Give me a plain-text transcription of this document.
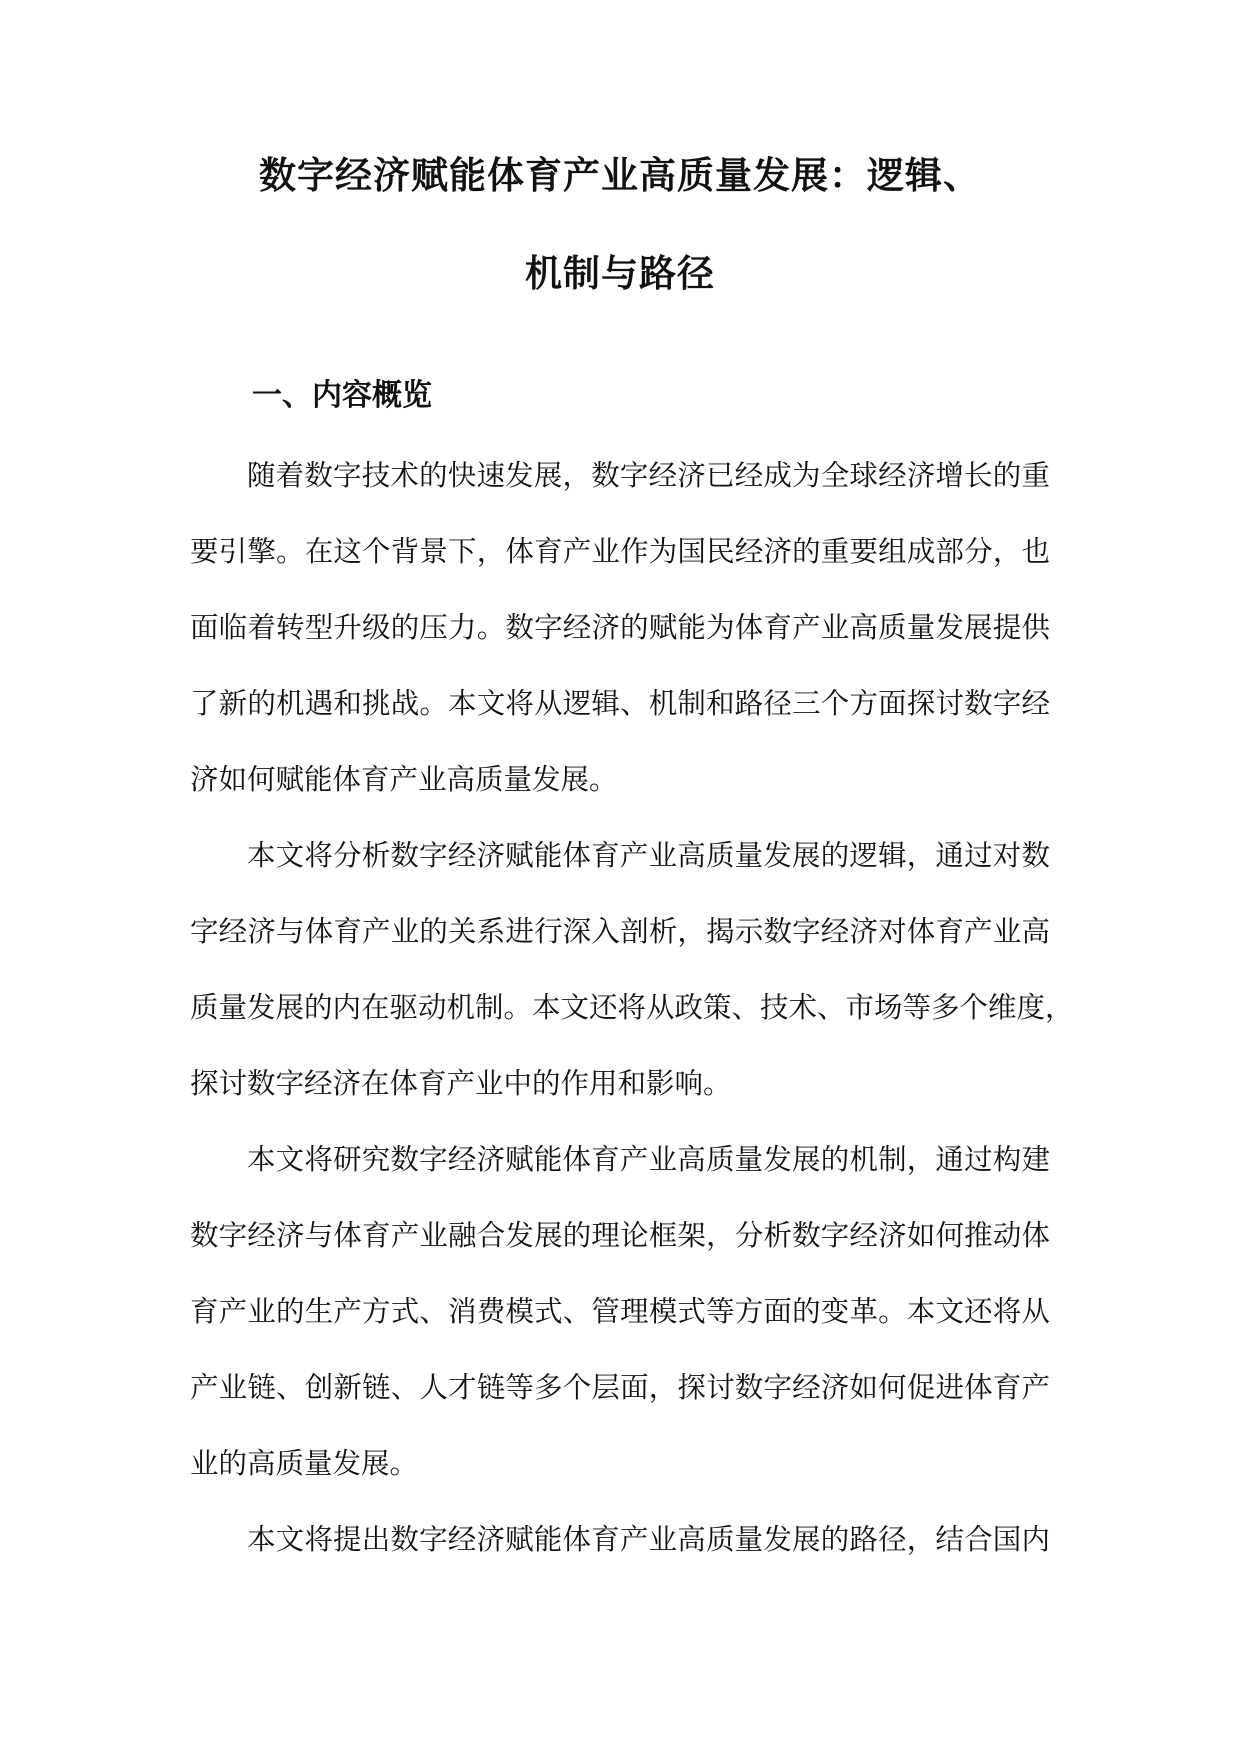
数字经济赋能体育产业高质量发展：逻辑、
机制与路径
一、内容概览
随着数字技术的快速发展，数字经济已经成为全球经济增长的重
要引擎。在这个背景下，体育产业作为国民经济的重要组成部分，也
面临着转型升级的压力。数字经济的赋能为体育产业高质量发展提供
了新的机遇和挑战。本文将从逻辑、机制和路径三个方面探讨数字经
济如何赋能体育产业高质量发展。
本文将分析数字经济赋能体育产业高质量发展的逻辑，通过对数
字经济与体育产业的关系进行深入剖析，揭示数字经济对体育产业高
质量发展的内在驱动机制。本文还将从政策、技术、市场等多个维度，
探讨数字经济在体育产业中的作用和影响。
本文将研究数字经济赋能体育产业高质量发展的机制，通过构建
数字经济与体育产业融合发展的理论框架，分析数字经济如何推动体
育产业的生产方式、消费模式、管理模式等方面的变革。本文还将从
产业链、创新链、人才链等多个层面，探讨数字经济如何促进体育产
业的高质量发展。
本文将提出数字经济赋能体育产业高质量发展的路径，结合国内
